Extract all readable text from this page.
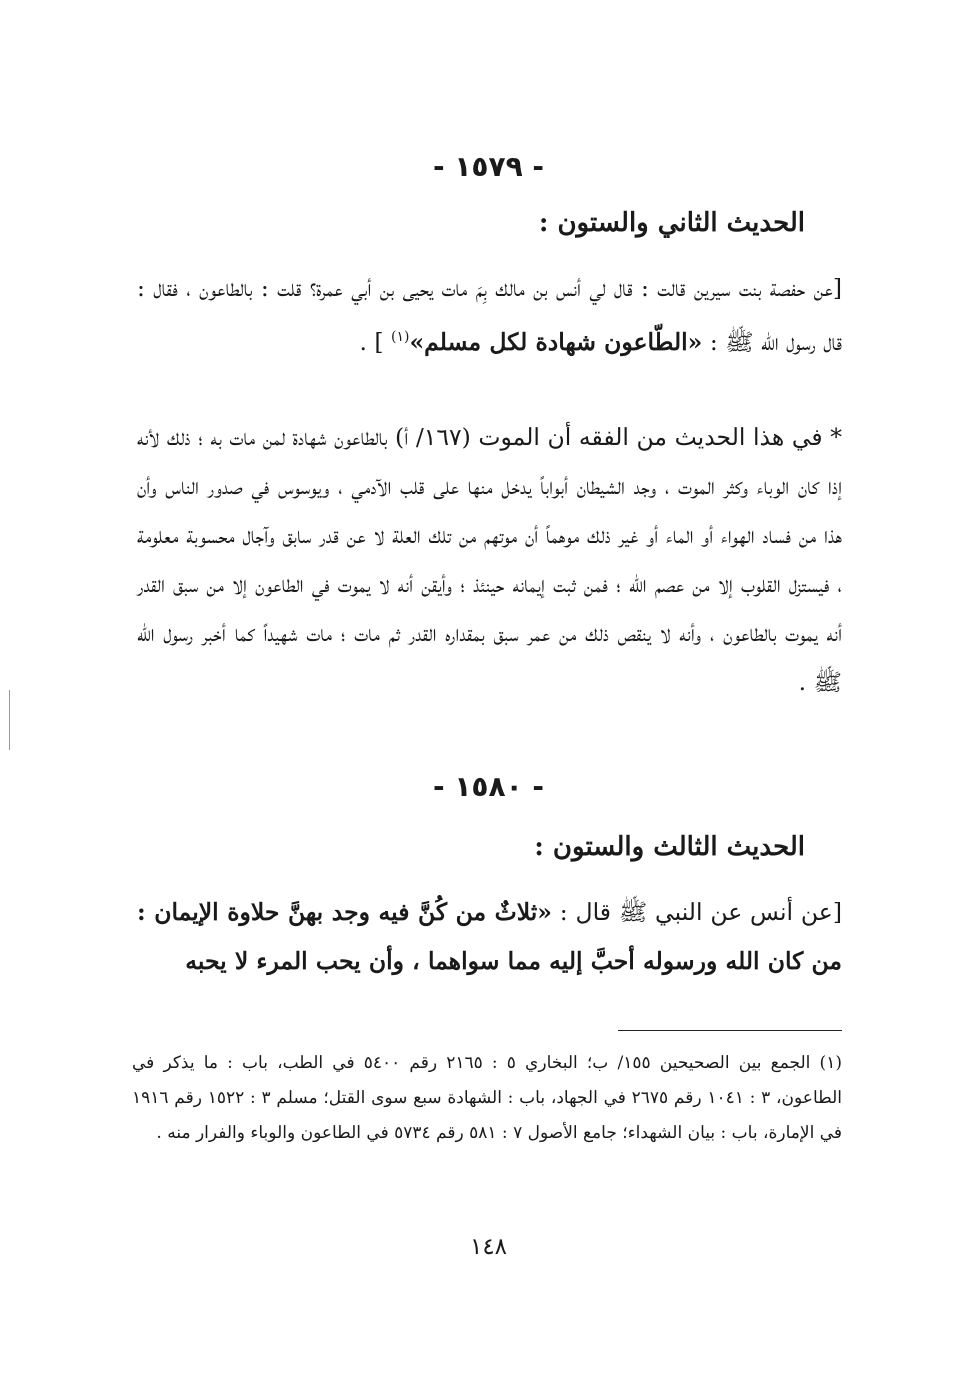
- ١٥٧٩ -
الحديث الثاني والستون :
[عن حفصة بنت سيرين قالت : قال لي أنس بن مالك بِمَ مات يحيى بن أبي عمرة؟ قلت : بالطاعون ، فقال : قال رسول الله ﷺ : «الطّاعون شهادة لكل مسلم»$^{(١)}$ ] .
* في هذا الحديث من الفقه أن الموت (١٦٧/ أ) بالطاعون شهادة لمن مات به ؛ ذلك لأنه إذا كان الوباء وكثر الموت ، وجد الشيطان أبواباً يدخل منها على قلب الآدمي ، ويوسوس في صدور الناس وأن هذا من فساد الهواء أو الماء أو غير ذلك موهماً أن موتهم من تلك العلة لا عن قدر سابق وآجال محسوبة معلومة ، فيستزل القلوب إلا من عصم الله ؛ فمن ثبت إيمانه حينئذ ؛ وأيقن أنه لا يموت في الطاعون إلا من سبق القدر أنه يموت بالطاعون ، وأنه لا ينقص ذلك من عمر سبق بمقداره القدر ثم مات ؛ مات شهيداً كما أخبر رسول الله ﷺ .
- ١٥٨٠ -
الحديث الثالث والستون :
[عن أنس عن النبي ﷺ قال : «ثلاثٌ من كُنَّ فيه وجد بهنَّ حلاوة الإيمان : من كان الله ورسوله أحبَّ إليه مما سواهما ، وأن يحب المرء لا يحبه
(١) الجمع بين الصحيحين ١٥٥/ ب؛ البخاري ٥ : ٢١٦٥ رقم ٥٤٠٠ في الطب، باب : ما يذكر في الطاعون، ٣ : ١٠٤١ رقم ٢٦٧٥ في الجهاد، باب : الشهادة سبع سوى القتل؛ مسلم ٣ : ١٥٢٢ رقم ١٩١٦ في الإمارة، باب : بيان الشهداء؛ جامع الأصول ٧ : ٥٨١ رقم ٥٧٣٤ في الطاعون والوباء والفرار منه .
١٤٨
